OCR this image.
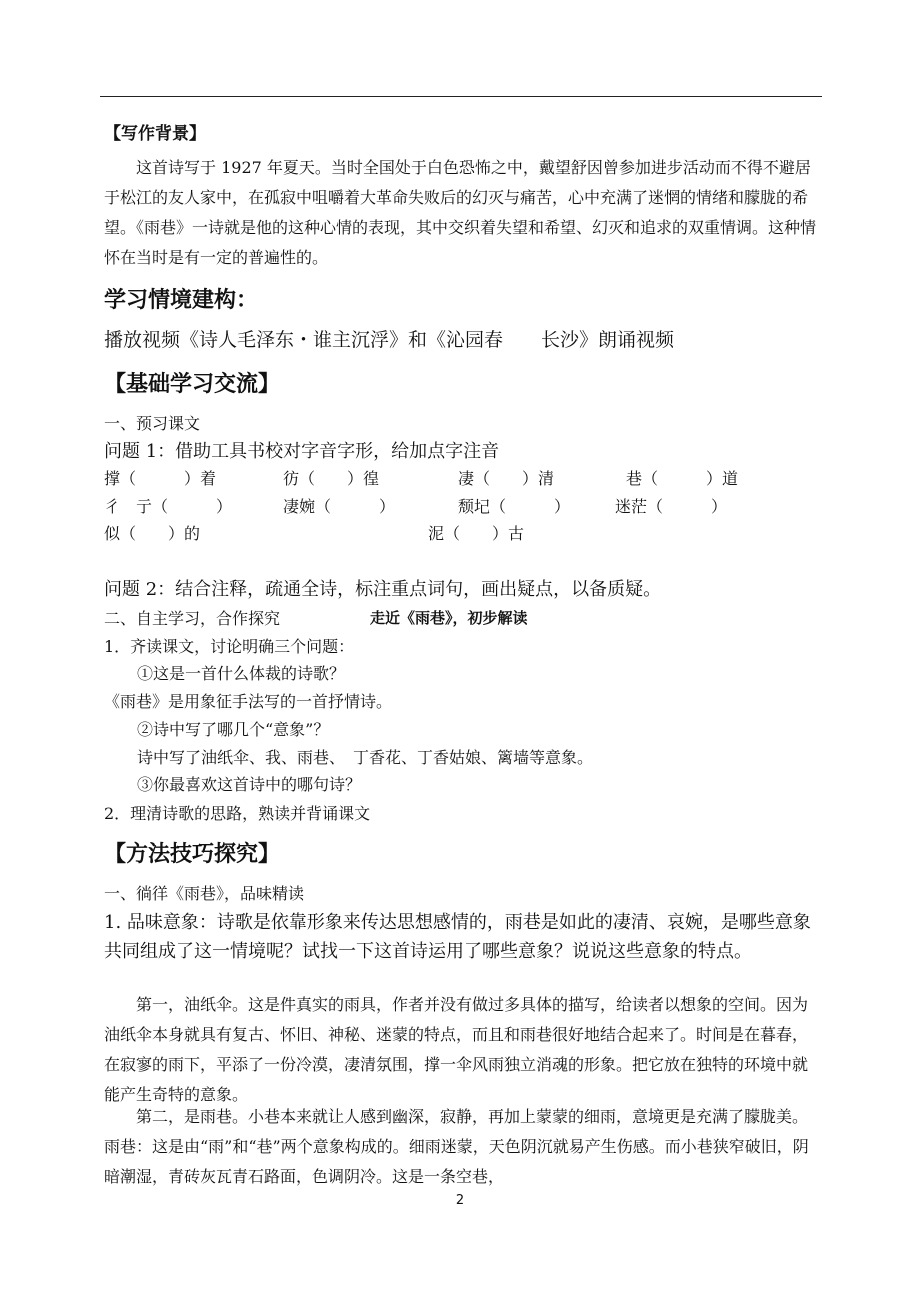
【写作背景】
这首诗写于 1927 年夏天。当时全国处于白色恐怖之中，戴望舒因曾参加进步活动而不得不避居于松江的友人家中，在孤寂中咀嚼着大革命失败后的幻灭与痛苦，心中充满了迷惘的情绪和朦胧的希望。《雨巷》一诗就是他的这种心情的表现，其中交织着失望和希望、幻灭和追求的双重情调。这种情怀在当时是有一定的普遍性的。
学习情境建构：
播放视频《诗人毛泽东・谁主沉浮》和《沁园春　　长沙》朗诵视频
【基础学习交流】
一、预习课文
问题 1：借助工具书校对字音字形，给加点字注音
撑（　　　）着	彷（　　）徨	凄（　　）清	巷（　　　）道
彳　亍（　　　）	凄婉（　　　）	颓圮（　　　）	迷茫（　　　）
似（　　）的	泥（　　）古
问题 2：结合注释，疏通全诗，标注重点词句，画出疑点，以备质疑。
二、自主学习，合作探究	走近《雨巷》，初步解读
1．齐读课文，讨论明确三个问题：
①这是一首什么体裁的诗歌？
《雨巷》是用象征手法写的一首抒情诗。
②诗中写了哪几个“意象”？
诗中写了油纸伞、我、雨巷、　丁香花、丁香姑娘、篱墙等意象。
③你最喜欢这首诗中的哪句诗？
2．理清诗歌的思路，熟读并背诵课文
【方法技巧探究】
一、徜徉《雨巷》，品味精读
1. 品味意象：诗歌是依靠形象来传达思想感情的，雨巷是如此的凄清、哀婉，是哪些意象共同组成了这一情境呢？试找一下这首诗运用了哪些意象？说说这些意象的特点。
第一，油纸伞。这是件真实的雨具，作者并没有做过多具体的描写，给读者以想象的空间。因为油纸伞本身就具有复古、怀旧、神秘、迷蒙的特点，而且和雨巷很好地结合起来了。时间是在暮春，在寂寥的雨下，平添了一份冷漠，凄清氛围，撑一伞风雨独立消魂的形象。把它放在独特的环境中就能产生奇特的意象。
第二，是雨巷。小巷本来就让人感到幽深，寂静，再加上蒙蒙的细雨，意境更是充满了朦胧美。雨巷：这是由“雨”和“巷”两个意象构成的。细雨迷蒙，天色阴沉就易产生伤感。而小巷狭窄破旧，阴暗潮湿，青砖灰瓦青石路面，色调阴冷。这是一条空巷，
2
